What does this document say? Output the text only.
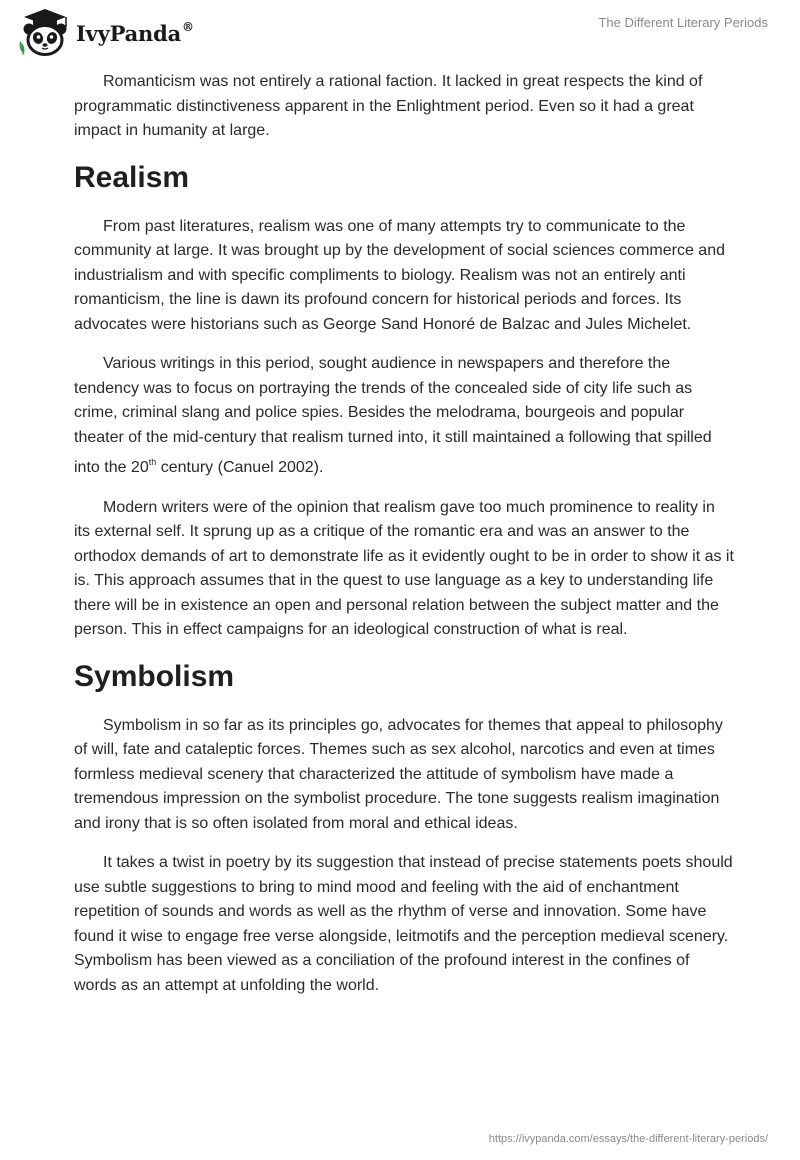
IvyPanda®	The Different Literary Periods

Romanticism was not entirely a rational faction. It lacked in great respects the kind of programmatic distinctiveness apparent in the Enlightment period. Even so it had a great impact in humanity at large.

Realism

From past literatures, realism was one of many attempts try to communicate to the community at large. It was brought up by the development of social sciences commerce and industrialism and with specific compliments to biology. Realism was not an entirely anti romanticism, the line is dawn its profound concern for historical periods and forces. Its advocates were historians such as George Sand Honoré de Balzac and Jules Michelet.

Various writings in this period, sought audience in newspapers and therefore the tendency was to focus on portraying the trends of the concealed side of city life such as crime, criminal slang and police spies. Besides the melodrama, bourgeois and popular theater of the mid-century that realism turned into, it still maintained a following that spilled into the 20th century (Canuel 2002).

Modern writers were of the opinion that realism gave too much prominence to reality in its external self. It sprung up as a critique of the romantic era and was an answer to the orthodox demands of art to demonstrate life as it evidently ought to be in order to show it as it is. This approach assumes that in the quest to use language as a key to understanding life there will be in existence an open and personal relation between the subject matter and the person. This in effect campaigns for an ideological construction of what is real.

Symbolism

Symbolism in so far as its principles go, advocates for themes that appeal to philosophy of will, fate and cataleptic forces. Themes such as sex alcohol, narcotics and even at times formless medieval scenery that characterized the attitude of symbolism have made a tremendous impression on the symbolist procedure. The tone suggests realism imagination and irony that is so often isolated from moral and ethical ideas.

It takes a twist in poetry by its suggestion that instead of precise statements poets should use subtle suggestions to bring to mind mood and feeling with the aid of enchantment repetition of sounds and words as well as the rhythm of verse and innovation. Some have found it wise to engage free verse alongside, leitmotifs and the perception medieval scenery. Symbolism has been viewed as a conciliation of the profound interest in the confines of words as an attempt at unfolding the world.

https://ivypanda.com/essays/the-different-literary-periods/
